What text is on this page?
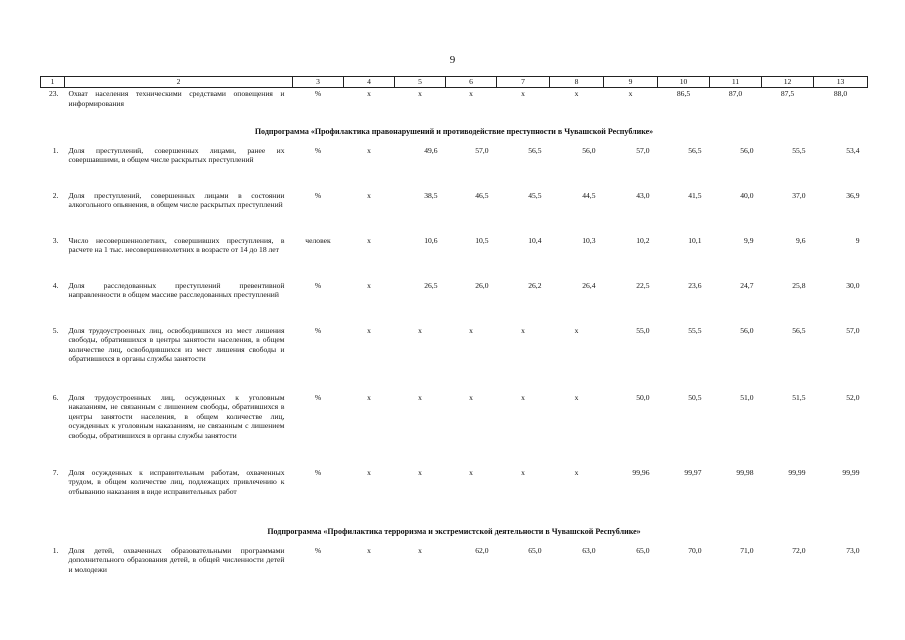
9
1	2	3	4	5	6	7	8	9	10	11	12	13
23.	Охват населения техническими средствами оповещения и информирования	%	x	x	x	x	x	x	86,5	87,0	87,5	88,0
Подпрограмма «Профилактика правонарушений и противодействие преступности в Чувашской Республике»												
1.	Доля преступлений, совершенных лицами, ранее их совершавшими, в общем числе раскрытых преступлений	%	x	49,6	57,0	56,5	56,0	57,0	56,5	56,0	55,5	53,4
2.	Доля преступлений, совершенных лицами в состоянии алкогольного опьянения, в общем числе раскрытых преступлений	%	x	38,5	46,5	45,5	44,5	43,0	41,5	40,0	37,0	36,9
3.	Число несовершеннолетних, совершивших преступления, в расчете на 1 тыс. несовершеннолетних в возрасте от 14 до 18 лет	человек	x	10,6	10,5	10,4	10,3	10,2	10,1	9,9	9,6	9
4.	Доля расследованных преступлений превентивной направленности в общем массиве расследованных преступлений	%	x	26,5	26,0	26,2	26,4	22,5	23,6	24,7	25,8	30,0
5.	Доля трудоустроенных лиц, освободившихся из мест лишения свободы, обратившихся в центры занятости населения, в общем количестве лиц, освободившихся из мест лишения свободы и обратившихся в органы службы занятости	%	x	x	x	x	x	55,0	55,5	56,0	56,5	57,0
6.	Доля трудоустроенных лиц, осужденных к уголовным наказаниям, не связанным с лишением свободы, обратившихся в центры занятости населения, в общем количестве лиц, осужденных к уголовным наказаниям, не связанным с лишением свободы, обратившихся в органы службы занятости	%	x	x	x	x	x	50,0	50,5	51,0	51,5	52,0
7.	Доля осужденных к исправительным работам, охваченных трудом, в общем количестве лиц, подлежащих привлечению к отбыванию наказания в виде исправительных работ	%	x	x	x	x	x	99,96	99,97	99,98	99,99	99,99
Подпрограмма «Профилактика терроризма и экстремистской деятельности в Чувашской Республике»												
1.	Доля детей, охваченных образовательными программами дополнительного образования детей, в общей численности детей и молодежи	%	x	x	62,0	65,0	63,0	65,0	70,0	71,0	72,0	73,0
